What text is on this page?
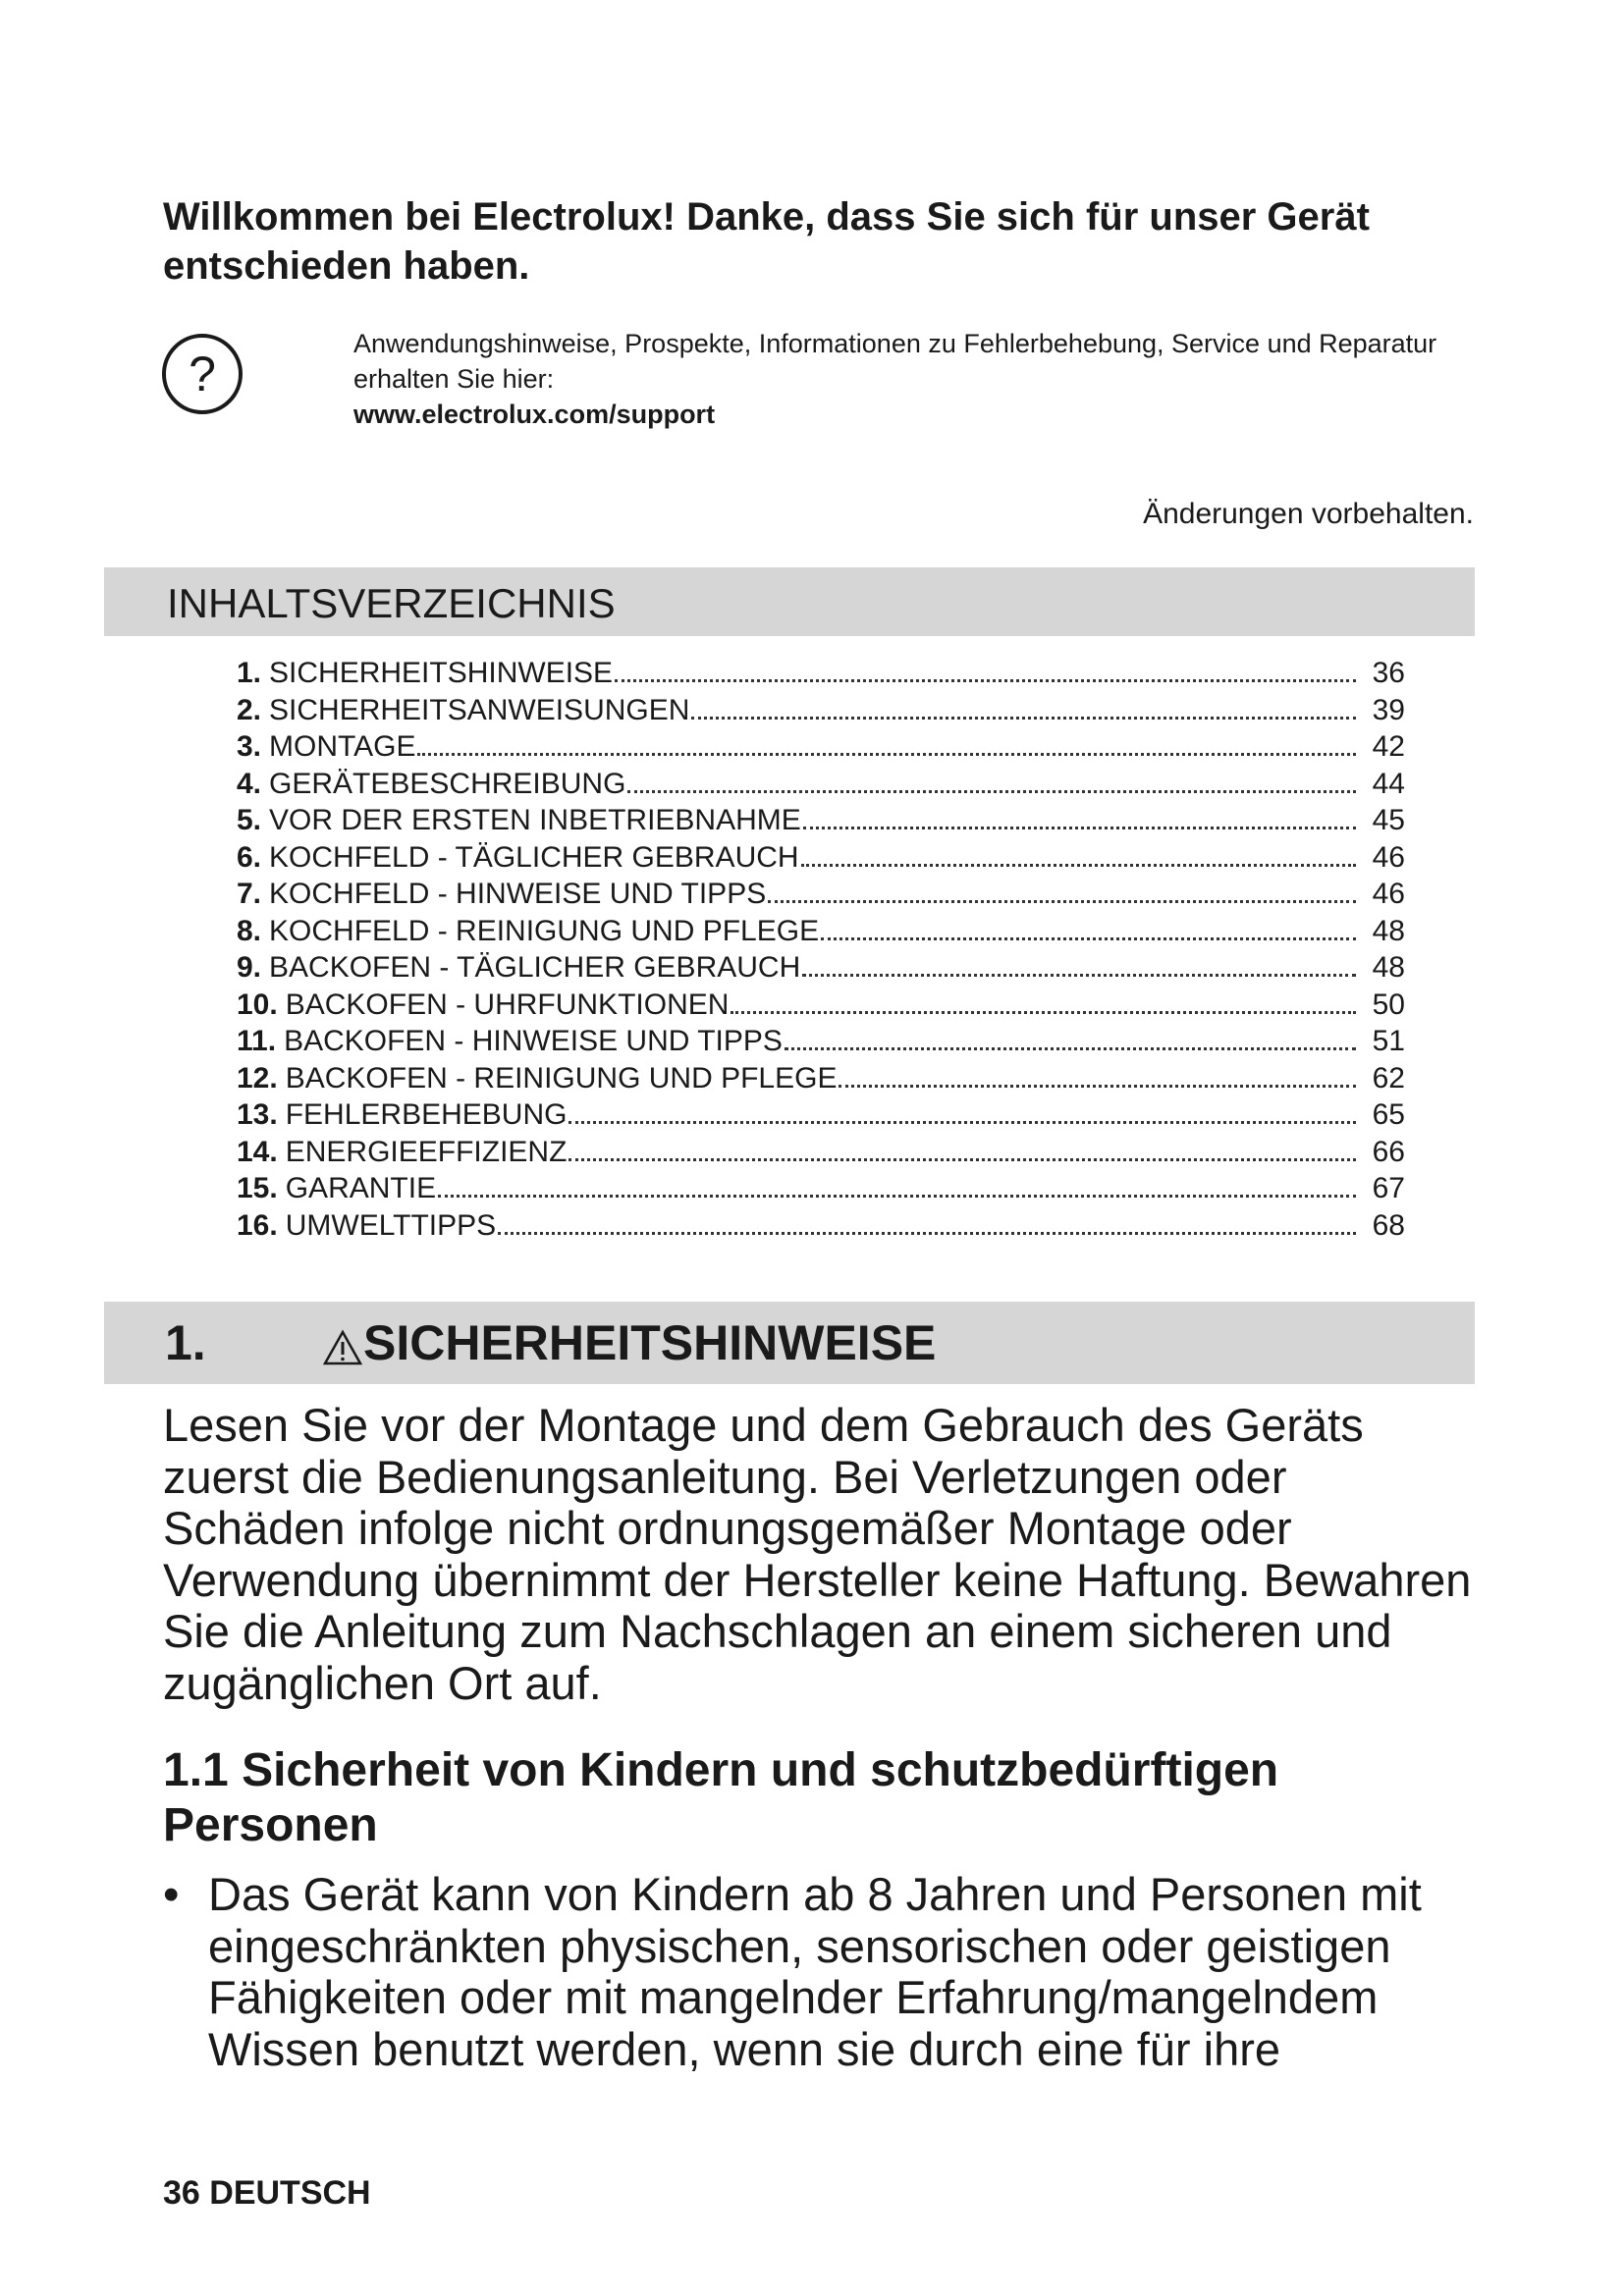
Willkommen bei Electrolux! Danke, dass Sie sich für unser Gerät entschieden haben.
?
Anwendungshinweise, Prospekte, Informationen zu Fehlerbehebung, Service und Reparatur erhalten Sie hier:
www.electrolux.com/support
Änderungen vorbehalten.
INHALTSVERZEICHNIS
1. SICHERHEITSHINWEISE	36
2. SICHERHEITSANWEISUNGEN	39
3. MONTAGE	42
4. GERÄTEBESCHREIBUNG	44
5. VOR DER ERSTEN INBETRIEBNAHME	45
6. KOCHFELD - TÄGLICHER GEBRAUCH	46
7. KOCHFELD - HINWEISE UND TIPPS	46
8. KOCHFELD - REINIGUNG UND PFLEGE	48
9. BACKOFEN - TÄGLICHER GEBRAUCH	48
10. BACKOFEN - UHRFUNKTIONEN	50
11. BACKOFEN - HINWEISE UND TIPPS	51
12. BACKOFEN - REINIGUNG UND PFLEGE	62
13. FEHLERBEHEBUNG	65
14. ENERGIEEFFIZIENZ	66
15. GARANTIE	67
16. UMWELTTIPPS	68
1.	SICHERHEITSHINWEISE

Lesen Sie vor der Montage und dem Gebrauch des Geräts zuerst die Bedienungsanleitung. Bei Verletzungen oder Schäden infolge nicht ordnungsgemäßer Montage oder Verwendung übernimmt der Hersteller keine Haftung. Bewahren Sie die Anleitung zum Nachschlagen an einem sicheren und zugänglichen Ort auf.

1.1 Sicherheit von Kindern und schutzbedürftigen Personen
• Das Gerät kann von Kindern ab 8 Jahren und Personen mit eingeschränkten physischen, sensorischen oder geistigen Fähigkeiten oder mit mangelnder Erfahrung/mangelndem Wissen benutzt werden, wenn sie durch eine für ihre
36 DEUTSCH
